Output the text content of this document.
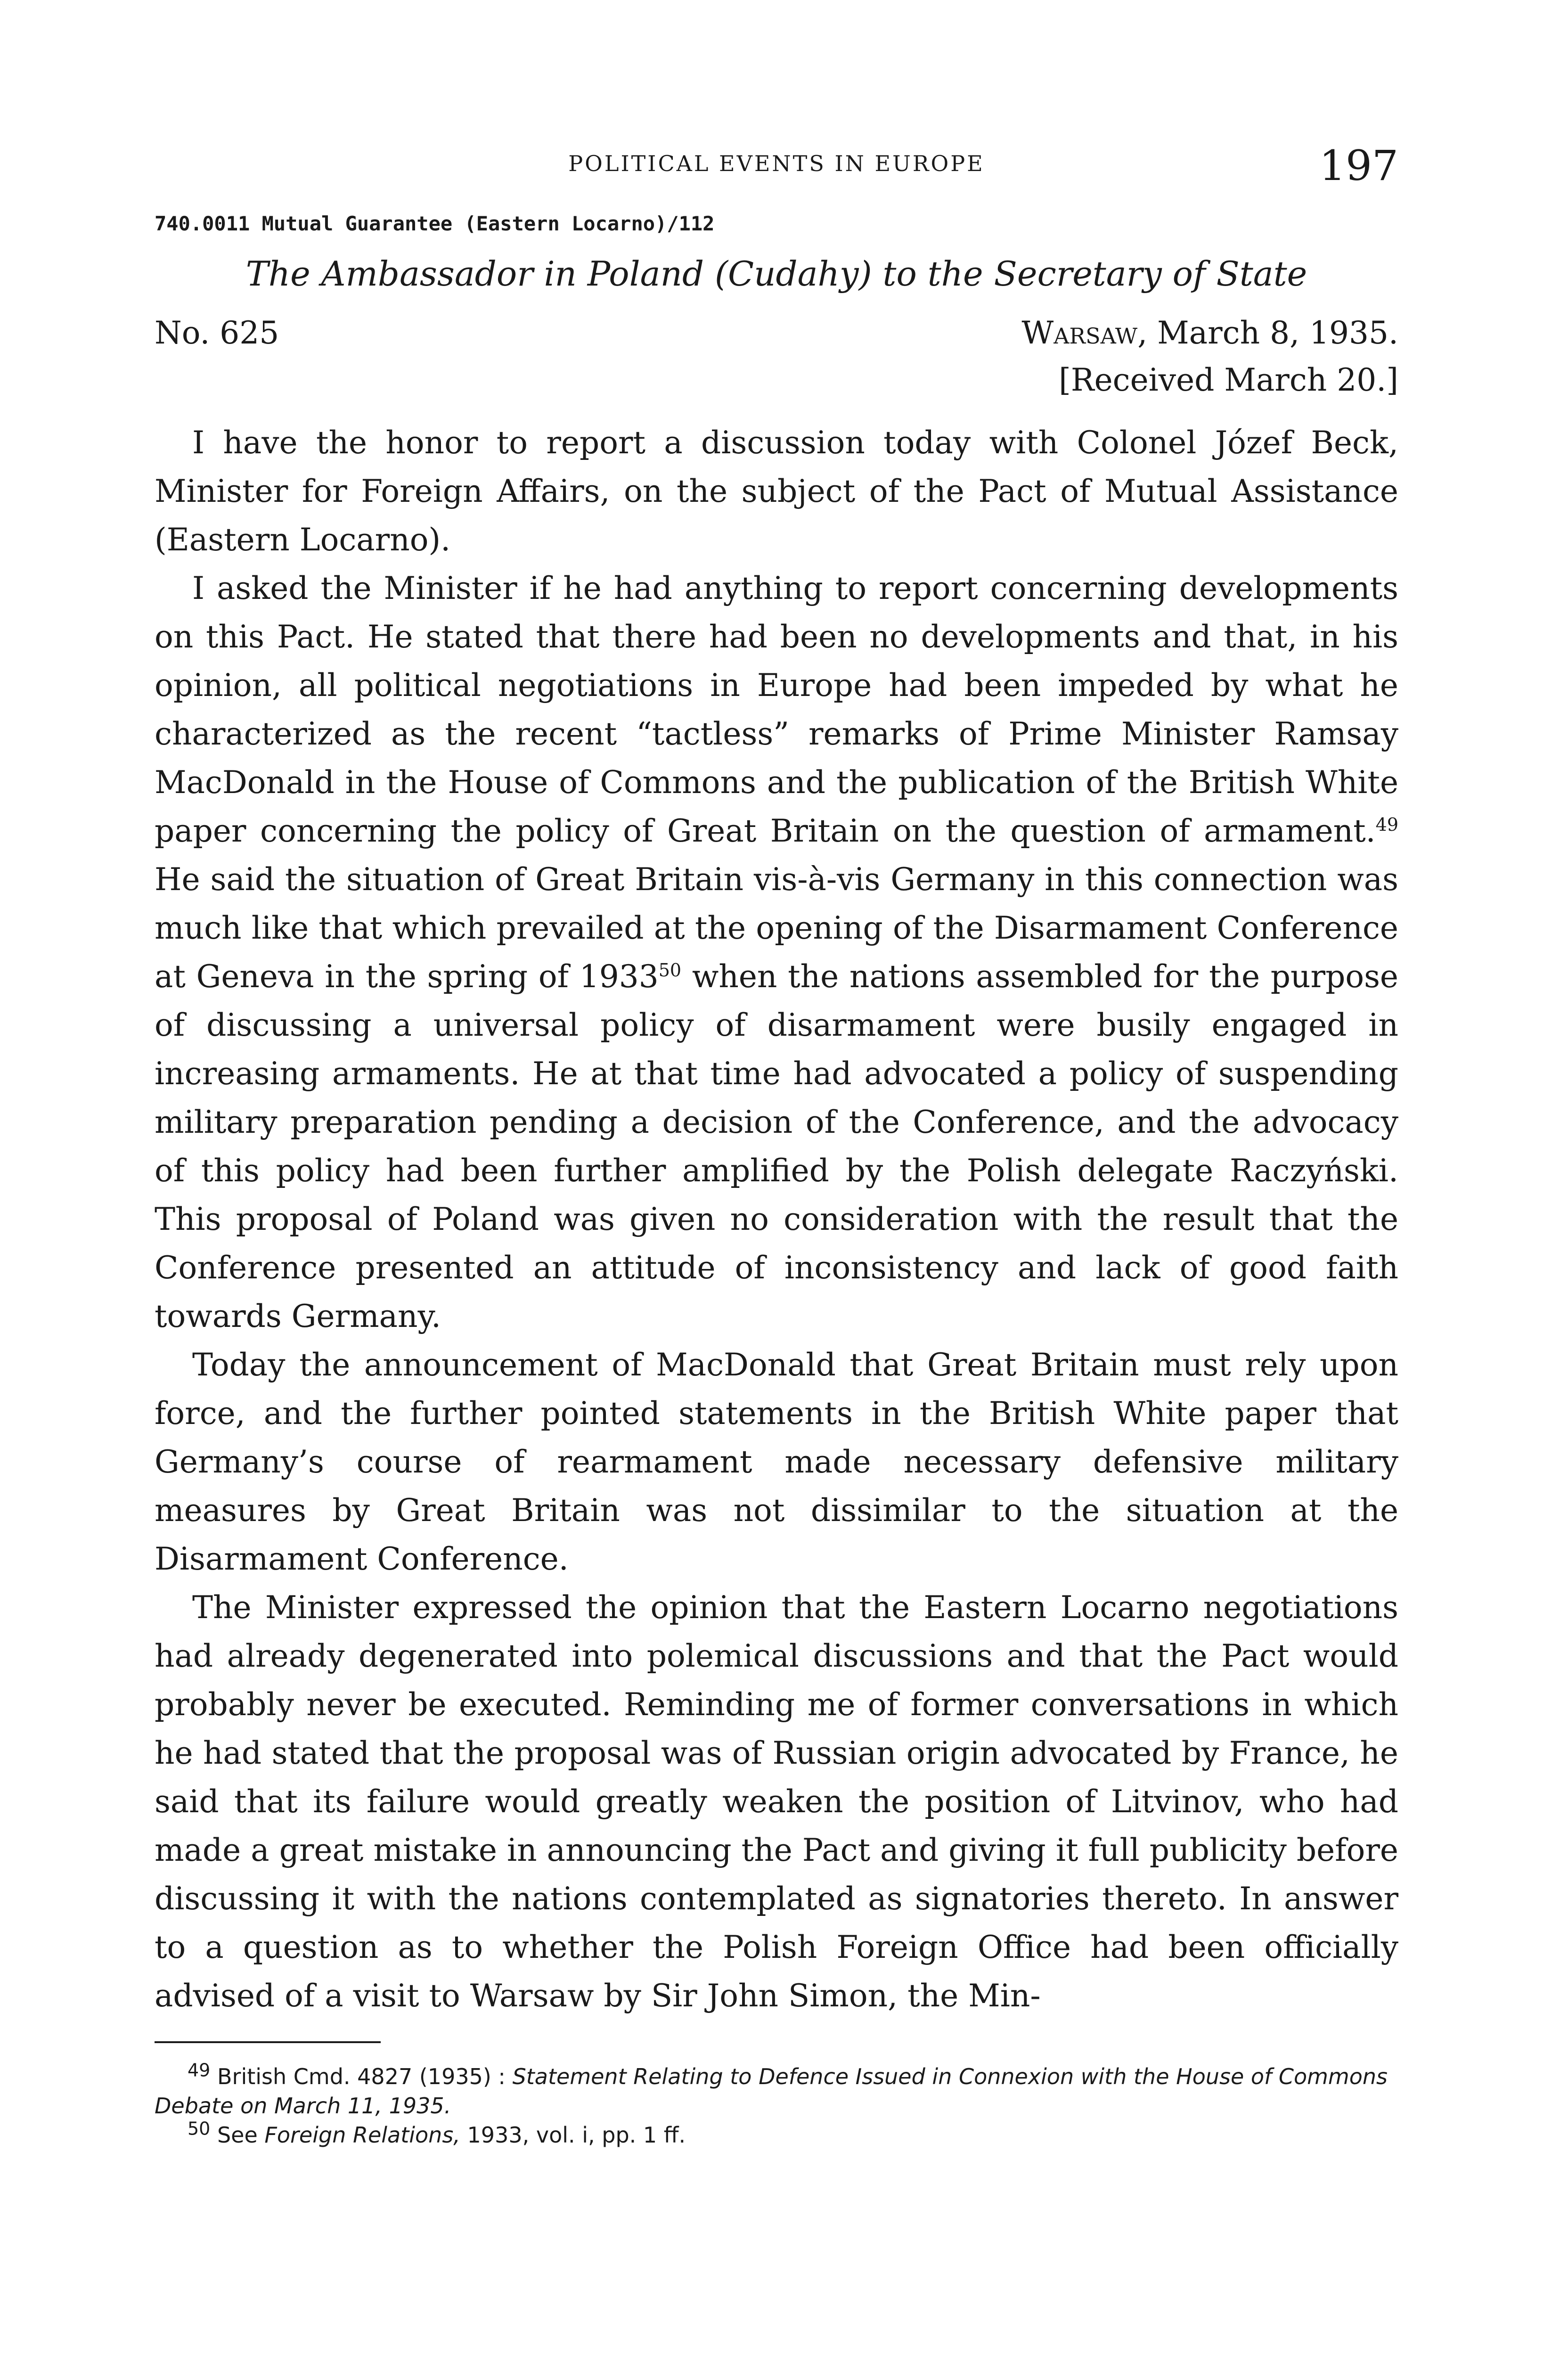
POLITICAL EVENTS IN EUROPE	197
740.0011 Mutual Guarantee (Eastern Locarno)/112
The Ambassador in Poland (Cudahy) to the Secretary of State
No. 625	Warsaw, March 8, 1935.
[Received March 20.]

I have the honor to report a discussion today with Colonel Józef Beck, Minister for Foreign Affairs, on the subject of the Pact of Mutual Assistance (Eastern Locarno).

I asked the Minister if he had anything to report concerning developments on this Pact. He stated that there had been no developments and that, in his opinion, all political negotiations in Europe had been impeded by what he characterized as the recent “tactless” remarks of Prime Minister Ramsay MacDonald in the House of Commons and the publication of the British White paper concerning the policy of Great Britain on the question of armament.$^{49}$ He said the situation of Great Britain vis-à-vis Germany in this connection was much like that which prevailed at the opening of the Disarmament Conference at Geneva in the spring of 1933$^{50}$ when the nations assembled for the purpose of discussing a universal policy of disarmament were busily engaged in increasing armaments. He at that time had advocated a policy of suspending military preparation pending a decision of the Conference, and the advocacy of this policy had been further amplified by the Polish delegate Raczyński. This proposal of Poland was given no consideration with the result that the Conference presented an attitude of inconsistency and lack of good faith towards Germany.

Today the announcement of MacDonald that Great Britain must rely upon force, and the further pointed statements in the British White paper that Germany’s course of rearmament made necessary defensive military measures by Great Britain was not dissimilar to the situation at the Disarmament Conference.

The Minister expressed the opinion that the Eastern Locarno negotiations had already degenerated into polemical discussions and that the Pact would probably never be executed. Reminding me of former conversations in which he had stated that the proposal was of Russian origin advocated by France, he said that its failure would greatly weaken the position of Litvinov, who had made a great mistake in announcing the Pact and giving it full publicity before discussing it with the nations contemplated as signatories thereto. In answer to a question as to whether the Polish Foreign Office had been officially advised of a visit to Warsaw by Sir John Simon, the Min-

$^{49}$ British Cmd. 4827 (1935) : Statement Relating to Defence Issued in Connexion with the House of Commons Debate on March 11, 1935.

$^{50}$ See Foreign Relations, 1933, vol. i, pp. 1 ff.
